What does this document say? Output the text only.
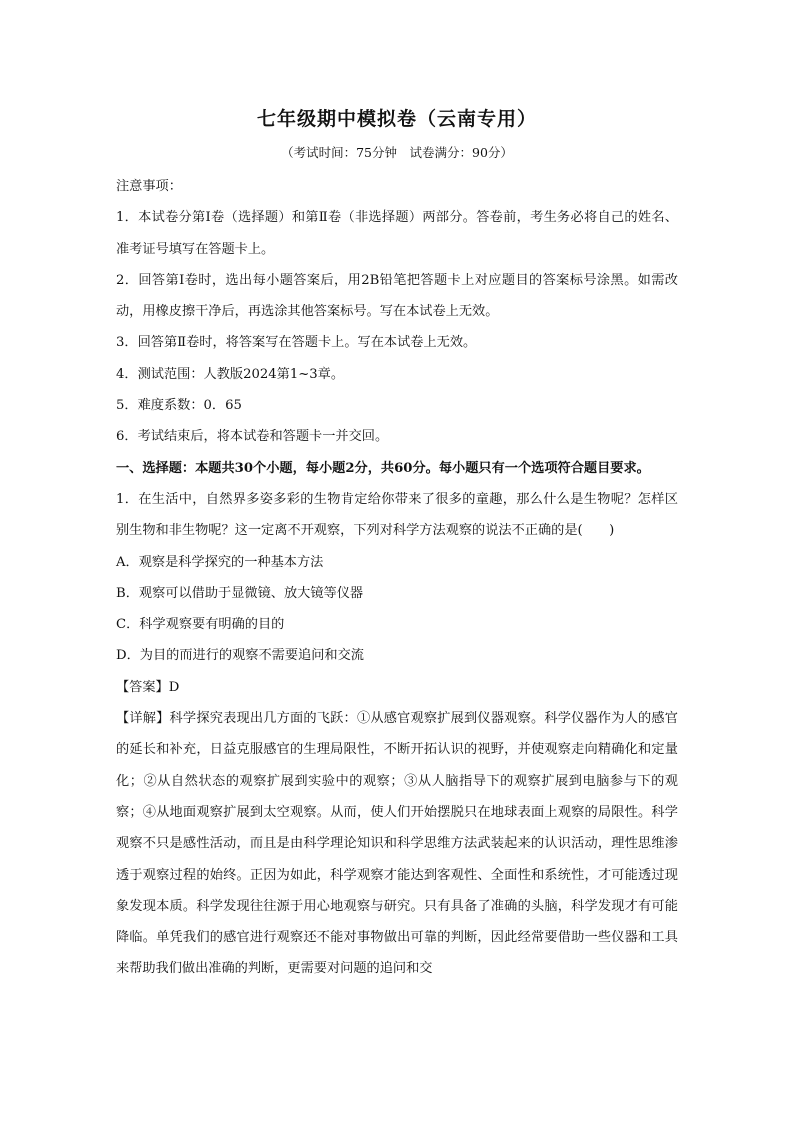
七年级期中模拟卷（云南专用）
（考试时间：75分钟　试卷满分：90分）

注意事项：

1．本试卷分第Ⅰ卷（选择题）和第Ⅱ卷（非选择题）两部分。答卷前，考生务必将自己的姓名、准考证号填写在答题卡上。

2．回答第Ⅰ卷时，选出每小题答案后，用2B铅笔把答题卡上对应题目的答案标号涂黑。如需改动，用橡皮擦干净后，再选涂其他答案标号。写在本试卷上无效。

3．回答第Ⅱ卷时，将答案写在答题卡上。写在本试卷上无效。

4．测试范围：人教版2024第1~3章。

5．难度系数：0．65

6．考试结束后，将本试卷和答题卡一并交回。

一、选择题：本题共30个小题，每小题2分，共60分。每小题只有一个选项符合题目要求。

1．在生活中，自然界多姿多彩的生物肯定给你带来了很多的童趣，那么什么是生物呢？怎样区别生物和非生物呢？这一定离不开观察，下列对科学方法观察的说法不正确的是(　　)

A．观察是科学探究的一种基本方法

B．观察可以借助于显微镜、放大镜等仪器

C．科学观察要有明确的目的

D．为目的而进行的观察不需要追问和交流

【答案】D

【详解】科学探究表现出几方面的飞跃：①从感官观察扩展到仪器观察。科学仪器作为人的感官的延长和补充，日益克服感官的生理局限性，不断开拓认识的视野，并使观察走向精确化和定量化；②从自然状态的观察扩展到实验中的观察；③从人脑指导下的观察扩展到电脑参与下的观察；④从地面观察扩展到太空观察。从而，使人们开始摆脱只在地球表面上观察的局限性。科学观察不只是感性活动，而且是由科学理论知识和科学思维方法武装起来的认识活动，理性思维渗透于观察过程的始终。正因为如此，科学观察才能达到客观性、全面性和系统性，才可能透过现象发现本质。科学发现往往源于用心地观察与研究。只有具备了准确的头脑，科学发现才有可能降临。单凭我们的感官进行观察还不能对事物做出可靠的判断，因此经常要借助一些仪器和工具来帮助我们做出准确的判断，更需要对问题的追问和交
